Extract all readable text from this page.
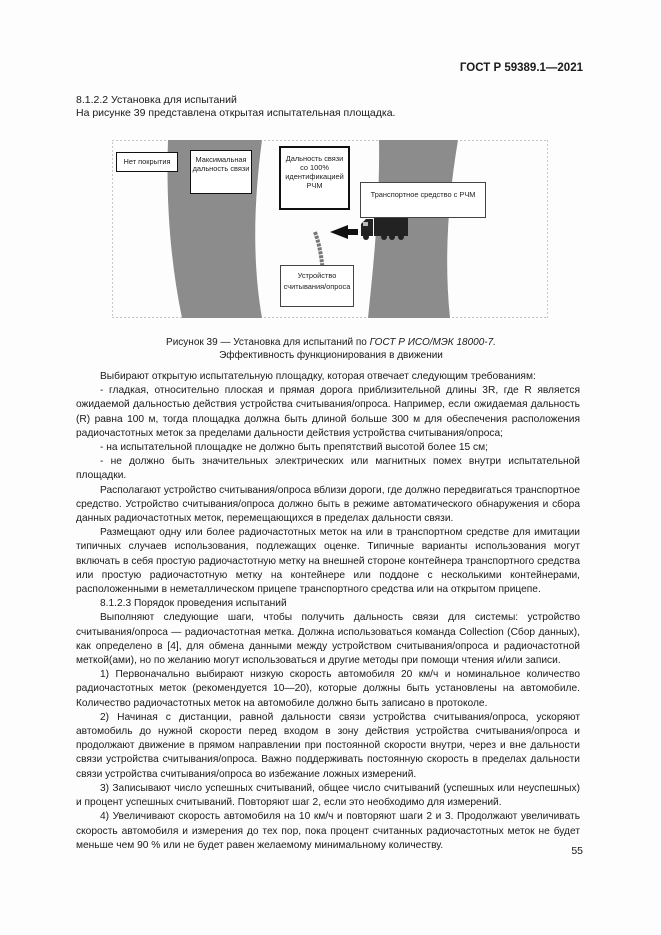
ГОСТ Р 59389.1—2021
8.1.2.2 Установка для испытаний
На рисунке 39 представлена открытая испытательная площадка.
Нет покрытия	Максимальная дальность связи
Дальность связи со 100% идентификацией РЧМ
Транспортное средство с РЧМ
Устройство считывания/опроса
Рисунок 39 — Установка для испытаний по ГОСТ Р ИСО/МЭК 18000-7.
Эффективность функционирования в движении

Выбирают открытую испытательную площадку, которая отвечает следующим требованиям:

- гладкая, относительно плоская и прямая дорога приблизительной длины 3R, где R является ожидаемой дальностью действия устройства считывания/опроса. Например, если ожидаемая дальность (R) равна 100 м, тогда площадка должна быть длиной больше 300 м для обеспечения расположения радиочастотных меток за пределами дальности действия устройства считывания/опроса;

- на испытательной площадке не должно быть препятствий высотой более 15 см;

- не должно быть значительных электрических или магнитных помех внутри испытательной площадки.

Располагают устройство считывания/опроса вблизи дороги, где должно передвигаться транспортное средство. Устройство считывания/опроса должно быть в режиме автоматического обнаружения и сбора данных радиочастотных меток, перемещающихся в пределах дальности связи.

Размещают одну или более радиочастотных меток на или в транспортном средстве для имитации типичных случаев использования, подлежащих оценке. Типичные варианты использования могут включать в себя простую радиочастотную метку на внешней стороне контейнера транспортного средства или простую радиочастотную метку на контейнере или поддоне с несколькими контейнерами, расположенными в неметаллическом прицепе транспортного средства или на открытом прицепе.

8.1.2.3 Порядок проведения испытаний

Выполняют следующие шаги, чтобы получить дальность связи для системы: устройство считывания/опроса — радиочастотная метка. Должна использоваться команда Collection (Сбор данных), как определено в [4], для обмена данными между устройством считывания/опроса и радиочастотной меткой(ами), но по желанию могут использоваться и другие методы при помощи чтения и/или записи.

1) Первоначально выбирают низкую скорость автомобиля 20 км/ч и номинальное количество радиочастотных меток (рекомендуется 10—20), которые должны быть установлены на автомобиле. Количество радиочастотных меток на автомобиле должно быть записано в протоколе.

2) Начиная с дистанции, равной дальности связи устройства считывания/опроса, ускоряют автомобиль до нужной скорости перед входом в зону действия устройства считывания/опроса и продолжают движение в прямом направлении при постоянной скорости внутри, через и вне дальности связи устройства считывания/опроса. Важно поддерживать постоянную скорость в пределах дальности связи устройства считывания/опроса во избежание ложных измерений.

3) Записывают число успешных считываний, общее число считываний (успешных или неуспешных) и процент успешных считываний. Повторяют шаг 2, если это необходимо для измерений.

4) Увеличивают скорость автомобиля на 10 км/ч и повторяют шаги 2 и 3. Продолжают увеличивать скорость автомобиля и измерения до тех пор, пока процент считанных радиочастотных меток не будет меньше чем 90 % или не будет равен желаемому минимальному количеству.	55
